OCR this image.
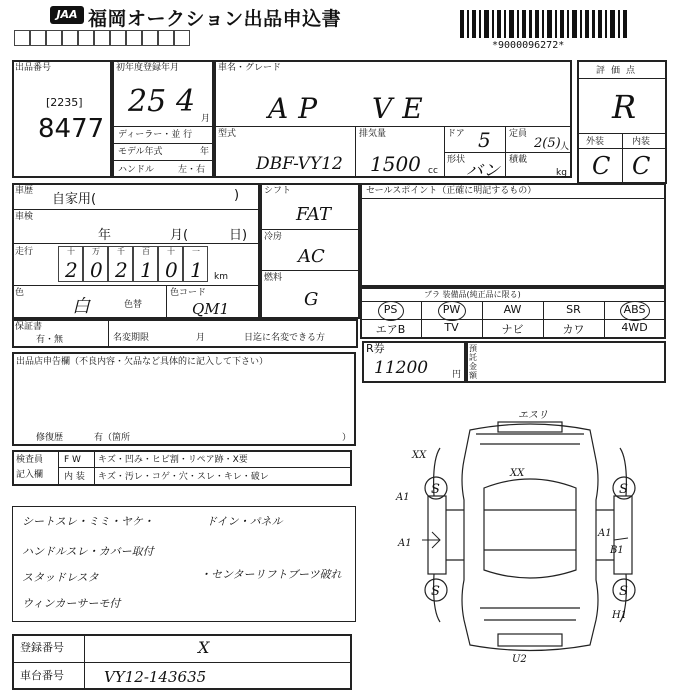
JAA 福岡オークション出品申込書
*9000096272*
出品番号
[2235]
8477
初年度登録年月
25 4 月
ディーラー・並 行
モデル年式	年
ハンドル	左・右
車名・グレード
AP VE
型式
DBF-VY12
排気量
1500 cc
ドア 5 定員
2(5) 人
形状
バン
積載
kg
評価点
R
外装	内装
C C
車歴
自家用(	)
車検
年	月(	日)
走行	十 万 千 百 十 一
2 0 2 1 0 1 km
色
白	色替
色コード
QM1
シフト
FAT
冷房
AC
燃料
G
セールスポイント（正確に明記するもの）
ブラ 装備品(純正品に限る)
PS	PW	AW	SR	ABS
エアB	TV	ナビ	カワ	4WD
保証書
有・無	名変期限	月	日迄に名変できる方
R券
11200	円
預託金額
出品店申告欄（不良内容・欠品など具体的に記入して下さい）
修復歴	有（箇所	）
検査員
記入欄
F W
内 装
キズ・凹み・ヒビ割・リペア跡・X要
キズ・汚レ・コゲ・穴・スレ・キレ・破レ
シートスレ・ミミ・ヤケ・	ドイン・パネル
ハンドルスレ・カバー取付
スタッドレスタ	・センターリフトブーツ破れ
ウィンカーサーモ付
登録番号	X
車台番号	VY12-143635
S	S
S	S
エスリ
XX
XX
A1
A1
A1
B1
H1
U2
